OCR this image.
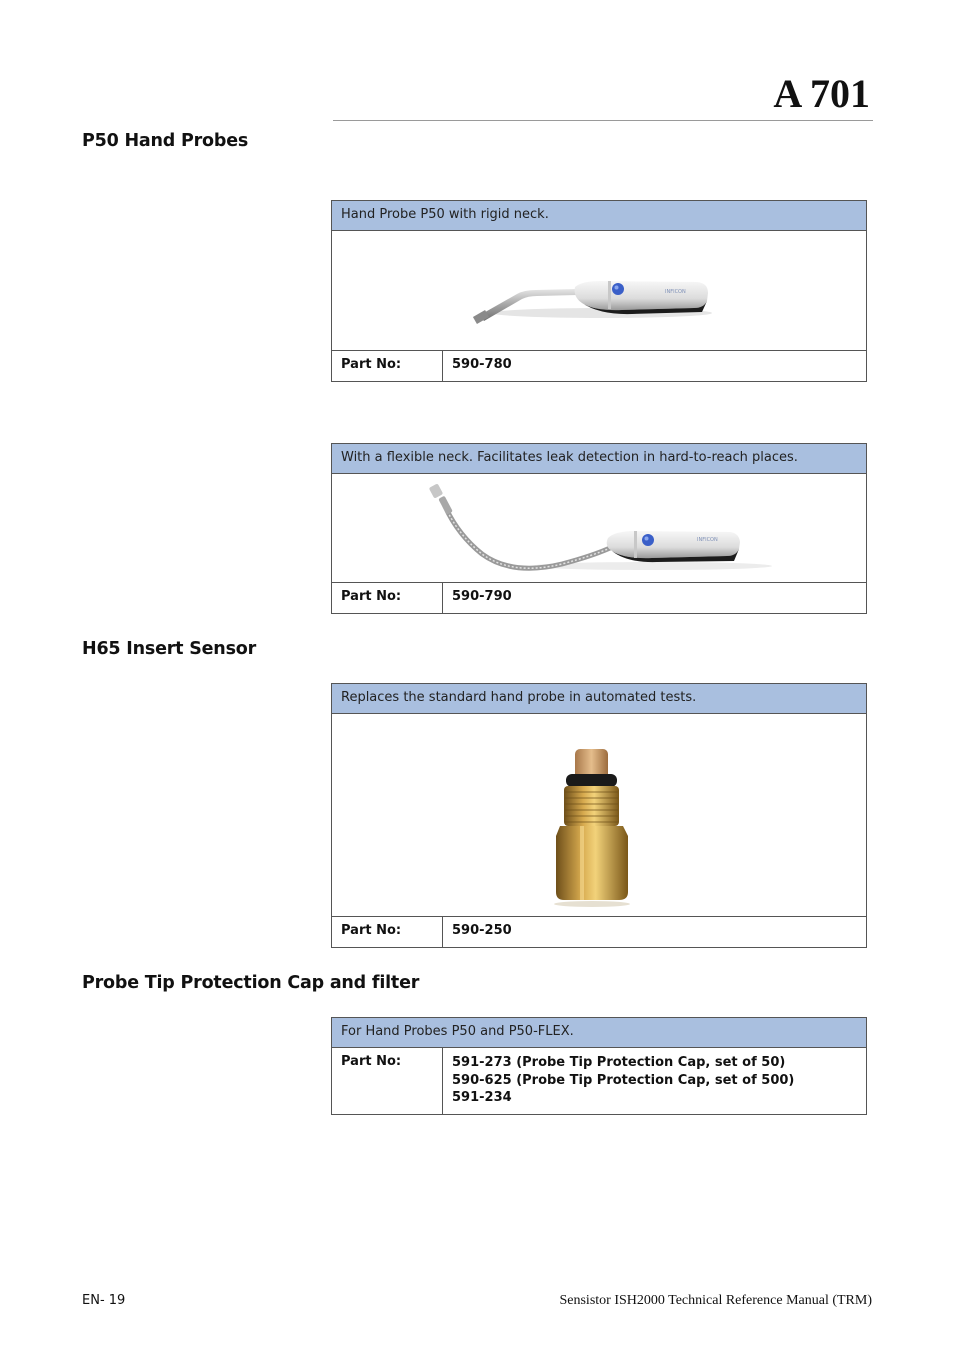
A 701
P50 Hand Probes
Hand Probe P50 with rigid neck.
INFICON
Part No:	590-780
With a flexible neck. Facilitates leak detection in hard-to-reach places.
INFICON
Part No:	590-790
H65 Insert Sensor
Replaces the standard hand probe in automated tests.
Part No:	590-250
Probe Tip Protection Cap and filter
For Hand Probes P50 and P50-FLEX.
Part No:	591-273 (Probe Tip Protection Cap, set of 50)
590-625 (Probe Tip Protection Cap, set of 500)
591-234
EN- 19	Sensistor ISH2000 Technical Reference Manual (TRM)
